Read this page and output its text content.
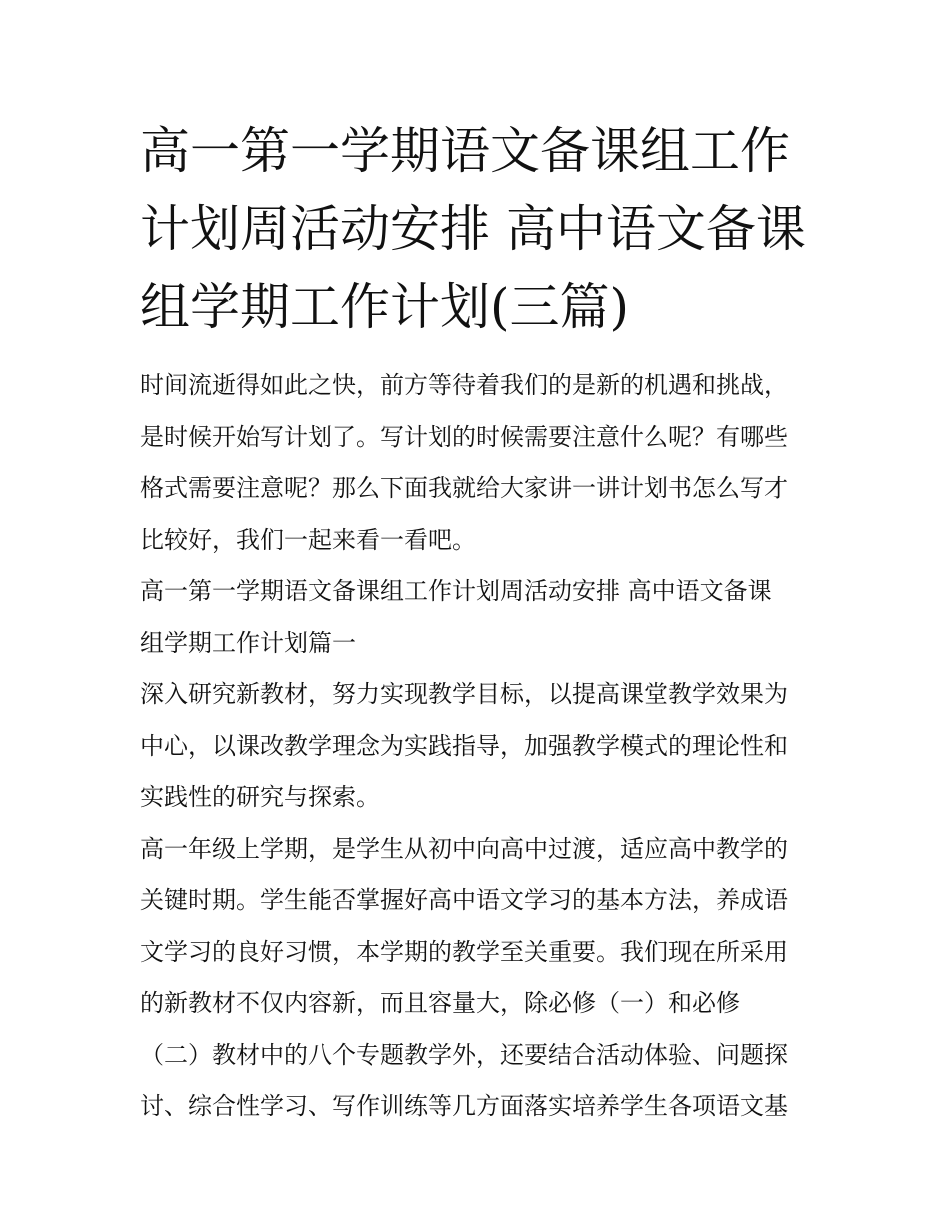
高一第一学期语文备课组工作
计划周活动安排 高中语文备课
组学期工作计划(三篇)

时间流逝得如此之快，前方等待着我们的是新的机遇和挑战，
是时候开始写计划了。写计划的时候需要注意什么呢？有哪些
格式需要注意呢？那么下面我就给大家讲一讲计划书怎么写才
比较好，我们一起来看一看吧。

高一第一学期语文备课组工作计划周活动安排 高中语文备课
组学期工作计划篇一

深入研究新教材，努力实现教学目标，以提高课堂教学效果为
中心，以课改教学理念为实践指导，加强教学模式的理论性和
实践性的研究与探索。

高一年级上学期，是学生从初中向高中过渡，适应高中教学的
关键时期。学生能否掌握好高中语文学习的基本方法，养成语
文学习的良好习惯，本学期的教学至关重要。我们现在所采用
的新教材不仅内容新，而且容量大，除必修（一）和必修
（二）教材中的八个专题教学外，还要结合活动体验、问题探
讨、综合性学习、写作训练等几方面落实培养学生各项语文基
